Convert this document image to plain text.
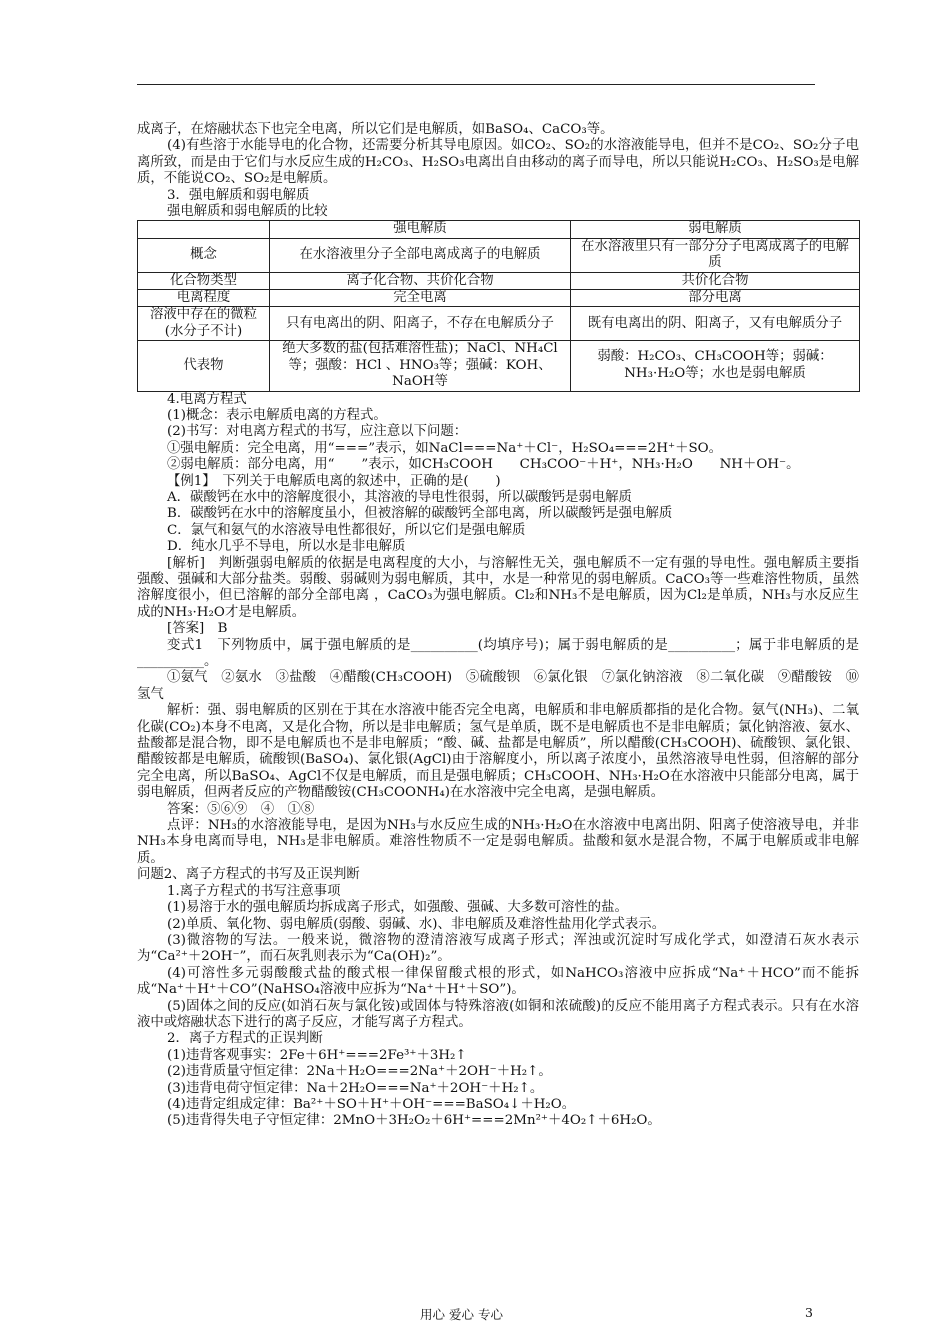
成离子，在熔融状态下也完全电离，所以它们是电解质，如BaSO₄、CaCO₃等。

(4)有些溶于水能导电的化合物，还需要分析其导电原因。如CO₂、SO₂的水溶液能导电，但并不是CO₂、SO₂分子电离所致，而是由于它们与水反应生成的H₂CO₃、H₂SO₃电离出自由移动的离子而导电，所以只能说H₂CO₃、H₂SO₃是电解质，不能说CO₂、SO₂是电解质。

3．强电解质和弱电解质

强电解质和弱电解质的比较

	强电解质	弱电解质
概念	在水溶液里分子全部电离成离子的电解质	在水溶液里只有一部分分子电离成离子的电解质
化合物类型	离子化合物、共价化合物	共价化合物
电离程度	完全电离	部分电离
溶液中存在的微粒(水分子不计)	只有电离出的阴、阳离子，不存在电解质分子	既有电离出的阴、阳离子，又有电解质分子
代表物	绝大多数的盐(包括难溶性盐)；NaCl、NH₄Cl等；强酸：HCl 、HNO₃等；强碱：KOH、NaOH等	弱酸：H₂CO₃、CH₃COOH等；弱碱：NH₃·H₂O等；水也是弱电解质

4.电离方程式

(1)概念：表示电解质电离的方程式。

(2)书写：对电离方程式的书写，应注意以下问题：

①强电解质：完全电离，用“===”表示，如NaCl===Na⁺＋Cl⁻，H₂SO₄===2H⁺＋SO。

②弱电解质：部分电离，用“　　”表示，如CH₃COOH　　CH₃COO⁻＋H⁺，NH₃·H₂O　　NH＋OH⁻。

【例1】　下列关于电解质电离的叙述中，正确的是(　　)

A．碳酸钙在水中的溶解度很小，其溶液的导电性很弱，所以碳酸钙是弱电解质

B．碳酸钙在水中的溶解度虽小，但被溶解的碳酸钙全部电离，所以碳酸钙是强电解质

C．氯气和氨气的水溶液导电性都很好，所以它们是强电解质

D．纯水几乎不导电，所以水是非电解质

[解析]　判断强弱电解质的依据是电离程度的大小，与溶解性无关，强电解质不一定有强的导电性。强电解质主要指强酸、强碱和大部分盐类。弱酸、弱碱则为弱电解质，其中，水是一种常见的弱电解质。CaCO₃等一些难溶性物质，虽然溶解度很小，但已溶解的部分全部电离 ，CaCO₃为强电解质。Cl₂和NH₃不是电解质，因为Cl₂是单质，NH₃与水反应生成的NH₃·H₂O才是电解质。

[答案]　B

变式1　下列物质中，属于强电解质的是__________(均填序号)；属于弱电解质的是__________；属于非电解质的是__________。

①氨气　②氨水　③盐酸　④醋酸(CH₃COOH)　⑤硫酸钡　⑥氯化银　⑦氯化钠溶液　⑧二氧化碳　⑨醋酸铵　⑩氢气

解析：强、弱电解质的区别在于其在水溶液中能否完全电离，电解质和非电解质都指的是化合物。氨气(NH₃)、二氧化碳(CO₂)本身不电离，又是化合物，所以是非电解质；氢气是单质，既不是电解质也不是非电解质；氯化钠溶液、氨水、盐酸都是混合物，即不是电解质也不是非电解质；“酸、碱、盐都是电解质”，所以醋酸(CH₃COOH)、硫酸钡、氯化银、醋酸铵都是电解质，硫酸钡(BaSO₄)、氯化银(AgCl)由于溶解度小，所以离子浓度小，虽然溶液导电性弱，但溶解的部分完全电离，所以BaSO₄、AgCl不仅是电解质，而且是强电解质；CH₃COOH、NH₃·H₂O在水溶液中只能部分电离，属于弱电解质，但两者反应的产物醋酸铵(CH₃COONH₄)在水溶液中完全电离，是强电解质。

答案：⑤⑥⑨　④　①⑧

点评：NH₃的水溶液能导电，是因为NH₃与水反应生成的NH₃·H₂O在水溶液中电离出阴、阳离子使溶液导电，并非NH₃本身电离而导电，NH₃是非电解质。难溶性物质不一定是弱电解质。盐酸和氨水是混合物，不属于电解质或非电解质。

问题2、离子方程式的书写及正误判断

1.离子方程式的书写注意事项

(1)易溶于水的强电解质均拆成离子形式，如强酸、强碱、大多数可溶性的盐。

(2)单质、氧化物、弱电解质(弱酸、弱碱、水)、非电解质及难溶性盐用化学式表示。

(3)微溶物的写法。一般来说，微溶物的澄清溶液写成离子形式；浑浊或沉淀时写成化学式，如澄清石灰水表示为“Ca²⁺＋2OH⁻”，而石灰乳则表示为“Ca(OH)₂”。

(4)可溶性多元弱酸酸式盐的酸式根一律保留酸式根的形式，如NaHCO₃溶液中应拆成“Na⁺＋HCO”而不能拆成“Na⁺＋H⁺＋CO”(NaHSO₄溶液中应拆为“Na⁺＋H⁺＋SO”)。

(5)固体之间的反应(如消石灰与氯化铵)或固体与特殊溶液(如铜和浓硫酸)的反应不能用离子方程式表示。只有在水溶液中或熔融状态下进行的离子反应，才能写离子方程式。

2．离子方程式的正误判断

(1)违背客观事实：2Fe＋6H⁺===2Fe³⁺＋3H₂↑

(2)违背质量守恒定律：2Na＋H₂O===2Na⁺＋2OH⁻＋H₂↑。

(3)违背电荷守恒定律：Na＋2H₂O===Na⁺＋2OH⁻＋H₂↑。

(4)违背定组成定律：Ba²⁺＋SO＋H⁺＋OH⁻===BaSO₄↓＋H₂O。

(5)违背得失电子守恒定律：2MnO＋3H₂O₂＋6H⁺===2Mn²⁺＋4O₂↑＋6H₂O。

用心 爱心 专心	3
